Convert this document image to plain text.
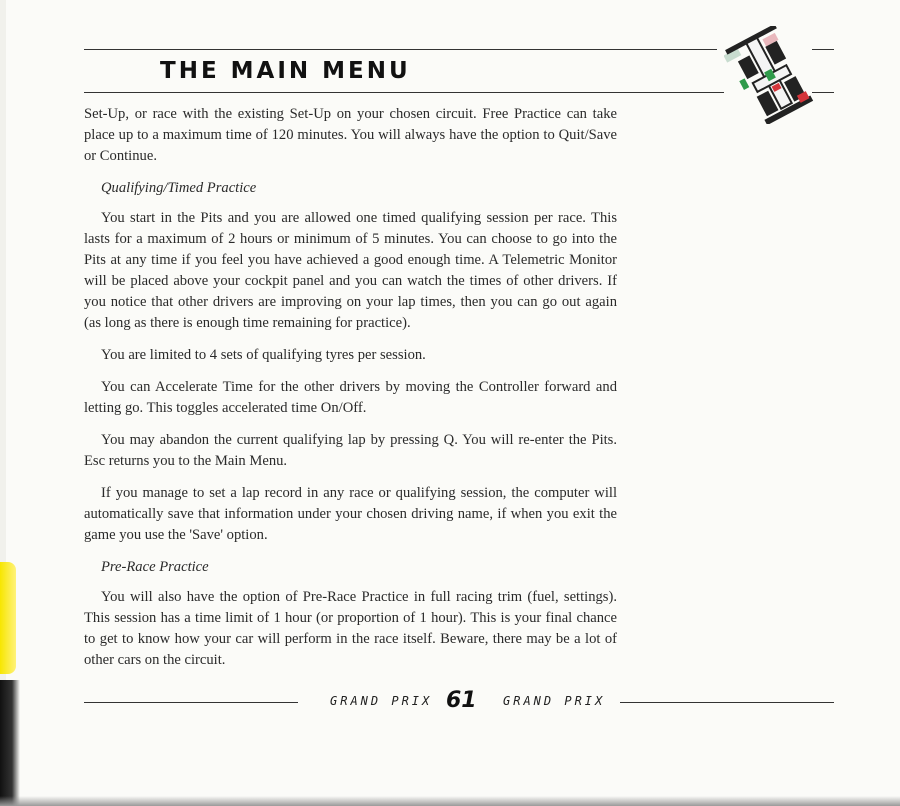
THE MAIN MENU

Set-Up, or race with the existing Set-Up on your chosen circuit. Free Practice can take place up to a maximum time of 120 minutes. You will always have the option to Quit/Save or Continue.

Qualifying/Timed Practice

You start in the Pits and you are allowed one timed qualifying session per race. This lasts for a maximum of 2 hours or minimum of 5 minutes. You can choose to go into the Pits at any time if you feel you have achieved a good enough time. A Telemetric Monitor will be placed above your cockpit panel and you can watch the times of other drivers. If you notice that other drivers are improving on your lap times, then you can go out again (as long as there is enough time remaining for practice).

You are limited to 4 sets of qualifying tyres per session.

You can Accelerate Time for the other drivers by moving the Controller forward and letting go. This toggles accelerated time On/Off.

You may abandon the current qualifying lap by pressing Q. You will re-enter the Pits. Esc returns you to the Main Menu.

If you manage to set a lap record in any race or qualifying session, the computer will automatically save that information under your chosen driving name, if when you exit the game you use the 'Save' option.

Pre-Race Practice

You will also have the option of Pre-Race Practice in full racing trim (fuel, settings). This session has a time limit of 1 hour (or proportion of 1 hour). This is your final chance to get to know how your car will perform in the race itself. Beware, there may be a lot of other cars on the circuit.

GRAND PRIX 61 GRAND PRIX
